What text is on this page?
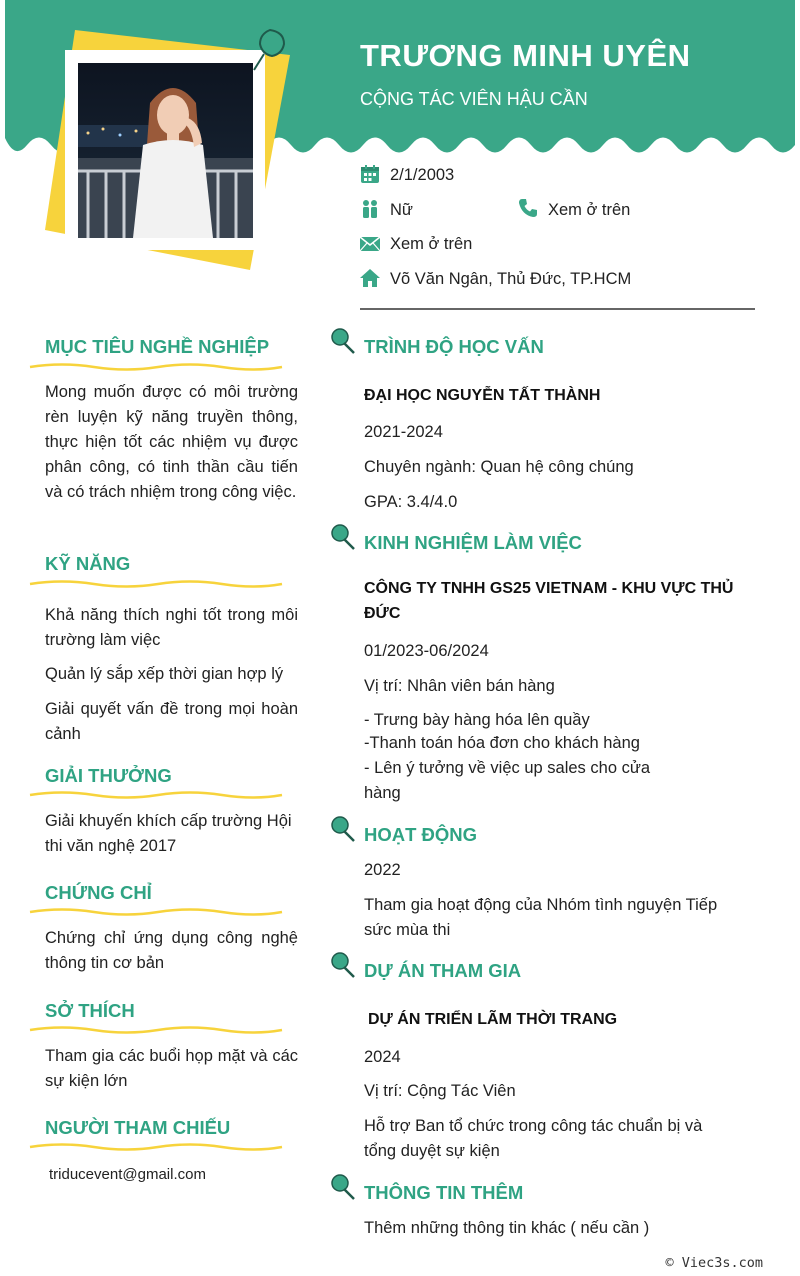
TRƯƠNG MINH UYÊN
CỘNG TÁC VIÊN HẬU CẦN
2/1/2003
Nữ	Xem ở trên
Xem ở trên
Võ Văn Ngân, Thủ Đức, TP.HCM
MỤC TIÊU NGHỀ NGHIỆP
Mong muốn được có môi trường rèn luyện kỹ năng truyền thông, thực hiện tốt các nhiệm vụ được phân công, có tinh thần cầu tiến và có trách nhiệm trong công việc.
KỸ NĂNG
Khả năng thích nghi tốt trong môi trường làm việc
Quản lý sắp xếp thời gian hợp lý
Giải quyết vấn đề trong mọi hoàn cảnh
GIẢI THƯỞNG
Giải khuyến khích cấp trường Hội thi văn nghệ 2017
CHỨNG CHỈ
Chứng chỉ ứng dụng công nghệ thông tin cơ bản
SỞ THÍCH
Tham gia các buổi họp mặt và các sự kiện lớn
NGƯỜI THAM CHIẾU
triducevent@gmail.com
TRÌNH ĐỘ HỌC VẤN
ĐẠI HỌC NGUYỄN TẤT THÀNH
2021-2024
Chuyên ngành: Quan hệ công chúng
GPA: 3.4/4.0
KINH NGHIỆM LÀM VIỆC
CÔNG TY TNHH GS25 VIETNAM - KHU VỰC THỦ
ĐỨC
01/2023-06/2024
Vị trí: Nhân viên bán hàng
- Trưng bày hàng hóa lên quầy
-Thanh toán hóa đơn cho khách hàng
- Lên ý tưởng về việc up sales cho cửa
hàng
HOẠT ĐỘNG
2022
Tham gia hoạt động của Nhóm tình nguyện Tiếp
sức mùa thi
DỰ ÁN THAM GIA
DỰ ÁN TRIỂN LÃM THỜI TRANG
2024
Vị trí: Cộng Tác Viên
Hỗ trợ Ban tổ chức trong công tác chuẩn bị và
tổng duyệt sự kiện
THÔNG TIN THÊM
Thêm những thông tin khác ( nếu cần )
© Viec3s.com
